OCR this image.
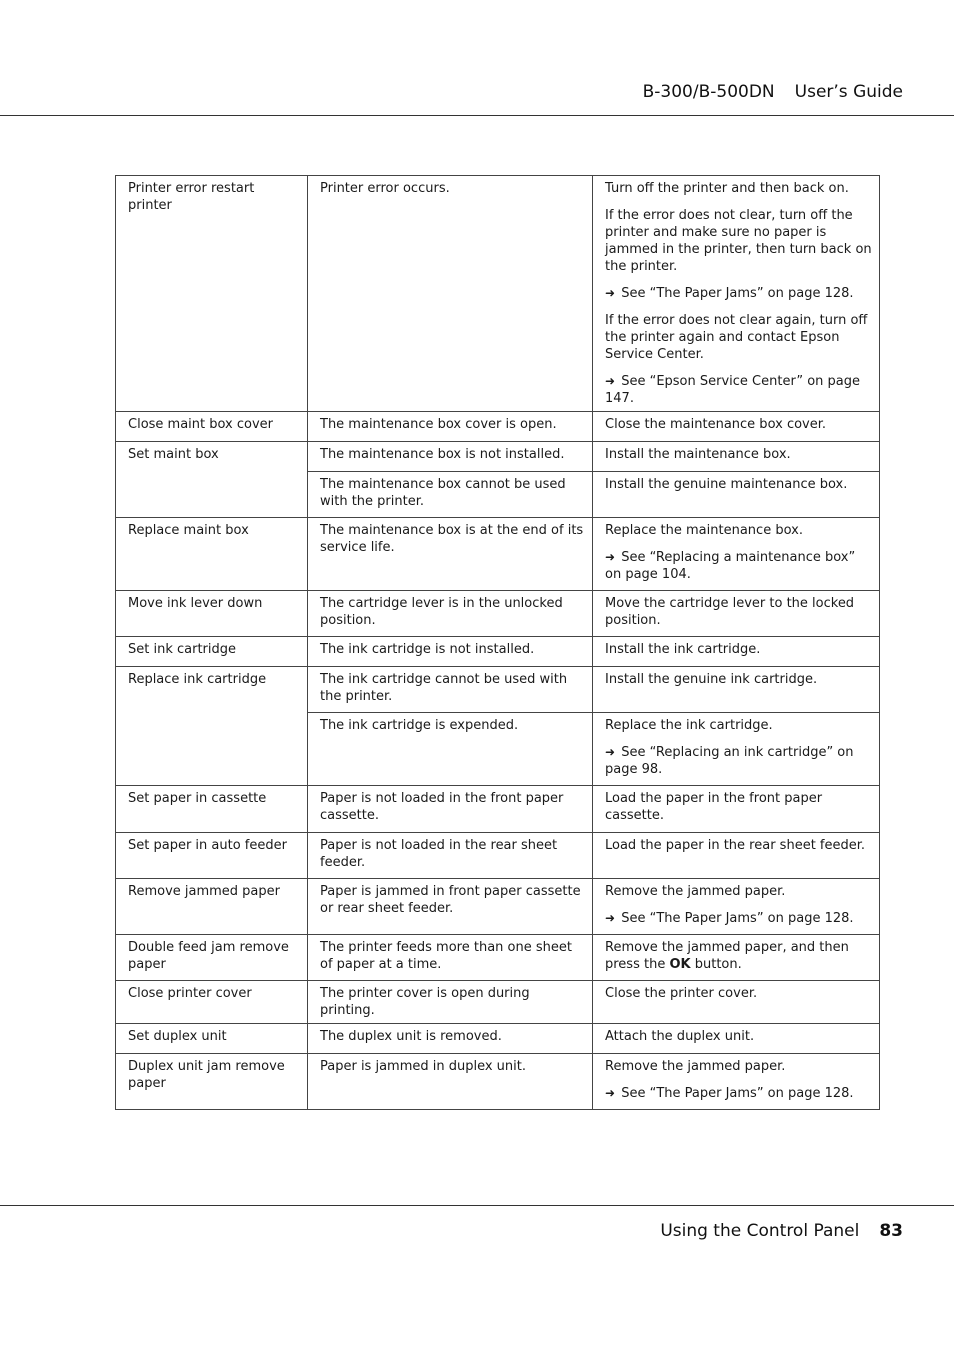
B-300/B-500DN User’s Guide
Printer error restart printer	Printer error occurs.	Turn off the printer and then back on.

If the error does not clear, turn off the printer and make sure no paper is jammed in the printer, then turn back on the printer.

➜ See “The Paper Jams” on page 128.

If the error does not clear again, turn off the printer again and contact Epson Service Center.

➜ See “Epson Service Center” on page 147.

Close maint box cover	The maintenance box cover is open.	Close the maintenance box cover.
Set maint box	The maintenance box is not installed.	Install the maintenance box.
	The maintenance box cannot be used with the printer.	Install the genuine maintenance box.
Replace maint box	The maintenance box is at the end of its service life.	Replace the maintenance box.

➜ See “Replacing a maintenance box” on page 104.

Move ink lever down	The cartridge lever is in the unlocked position.	Move the cartridge lever to the locked position.
Set ink cartridge	The ink cartridge is not installed.	Install the ink cartridge.
Replace ink cartridge	The ink cartridge cannot be used with the printer.	Install the genuine ink cartridge.
	The ink cartridge is expended.	Replace the ink cartridge.

➜ See “Replacing an ink cartridge” on page 98.

Set paper in cassette	Paper is not loaded in the front paper cassette.	Load the paper in the front paper cassette.
Set paper in auto feeder	Paper is not loaded in the rear sheet feeder.	Load the paper in the rear sheet feeder.
Remove jammed paper	Paper is jammed in front paper cassette or rear sheet feeder.	Remove the jammed paper.

➜ See “The Paper Jams” on page 128.

Double feed jam remove paper	The printer feeds more than one sheet of paper at a time.	Remove the jammed paper, and then press the OK button.
Close printer cover	The printer cover is open during printing.	Close the printer cover.
Set duplex unit	The duplex unit is removed.	Attach the duplex unit.
Duplex unit jam remove paper	Paper is jammed in duplex unit.	Remove the jammed paper.

➜ See “The Paper Jams” on page 128.

Using the Control Panel 83
